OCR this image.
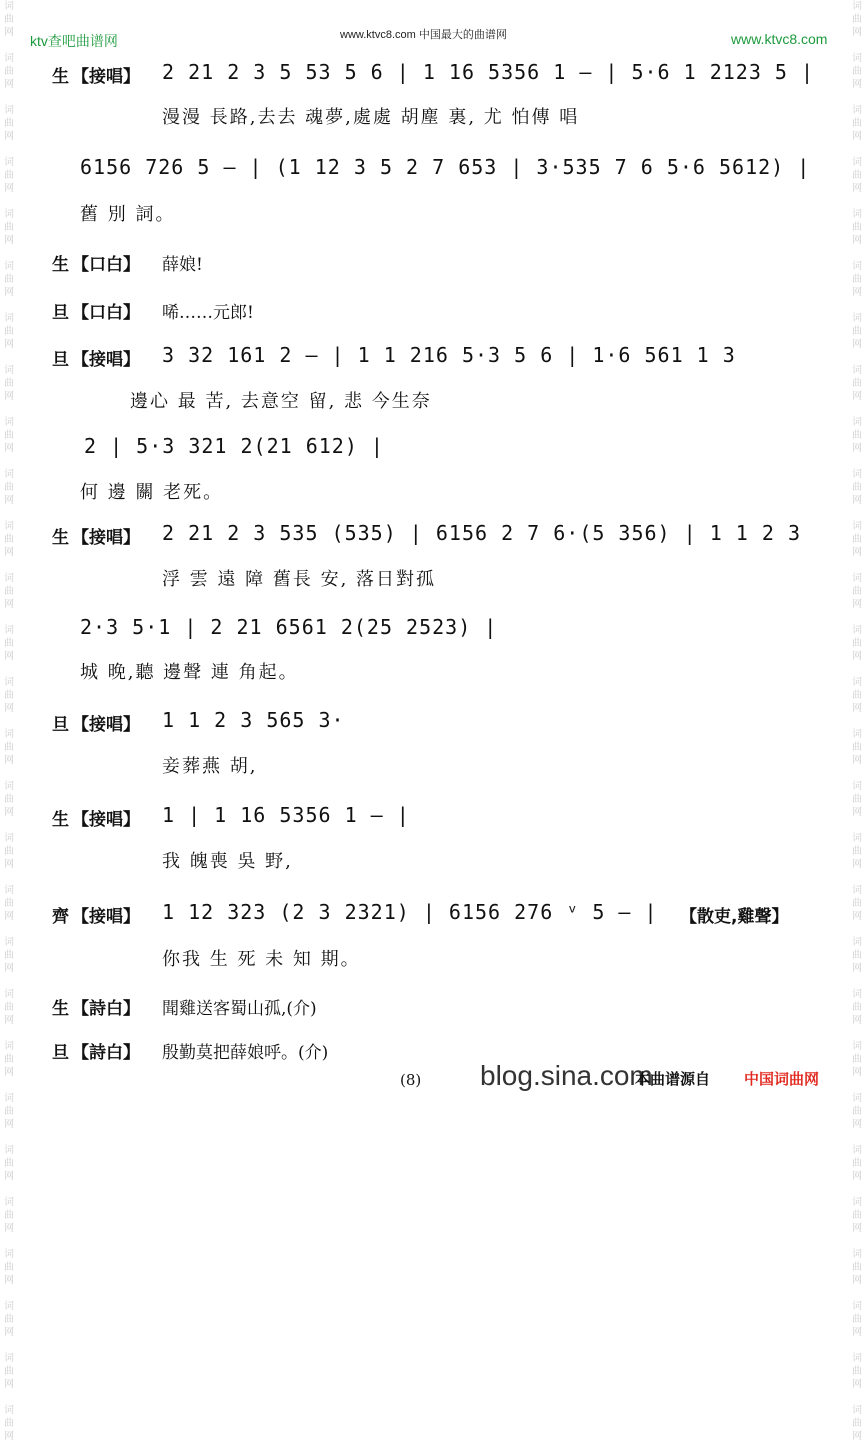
ktv查吧曲谱网	www.ktvc8.com 中国最大的曲谱网	www.ktvc8.com
词
曲
网

词
曲
网

词
曲
网

词
曲
网

词
曲
网

词
曲
网

词
曲
网

词
曲
网

词
曲
网

词
曲
网

词
曲
网

词
曲
网

词
曲
网

词
曲
网

词
曲
网

词
曲
网

词
曲
网

词
曲
网

词
曲
网

词
曲
网

词
曲
网

词
曲
网

词
曲
网

词
曲
网

词
曲
网

词
曲
网

词
曲
网

词
曲
网

词
曲
网

词
曲
网

词
曲
网

词
曲
网

词
曲
网

词
曲
网

词
曲
网

词
曲
网

词
曲
网

词
曲
网

词
曲
网

词
曲
网

词
曲
网

词
曲
网

词
曲
网

词
曲
网

词
曲
网

词
曲
网

词
曲
网

词
曲
网

词
曲
网

词
曲
网

词
曲
网

词
曲
网

词
曲
网

词
曲
网

词
曲
网

词
曲
网

生 【接唱】 2 21 2 3 5 53 5 6 | 1 16 5356 1 — | 5·6 1 2123 5 |
漫漫 長路,去去 魂夢,處處 胡塵 裏, 尤 怕傳 唱
6156 726 5 — | (1 12 3 5 2 7 653 | 3·535 7 6 5·6 5612) |
舊 別 詞。
生 【口白】 薛娘!
旦 【口白】 唏……元郎!
旦 【接唱】 3 32 161 2 — | 1 1 216 5·3 5 6 | 1·6 561 1 3
邊心 最 苦, 去意空 留, 悲 今生奈
2 | 5·3 321 2(21 612) |
何 邊 關 老死。
生 【接唱】 2 21 2 3 535 (535) | 6156 2 7 6·(5 356) | 1 1 2 3
浮 雲 遠 障 舊長 安, 落日對孤
2·3 5·1 | 2 21 6561 2(25 2523) |
城 晚,聽 邊聲 連 角起。
旦 【接唱】 1 1 2 3 565 3·
妾葬燕 胡,
生 【接唱】 1 | 1 16 5356 1 — |
我 魄喪 吳 野,
齊 【接唱】 1 12 323 (2 3 2321) | 6156 276 ᵛ 5 — | 【散吏,雞聲】
你我 生 死 未 知 期。
生 【詩白】 聞雞送客蜀山孤,(介)
旦 【詩白】 殷勤莫把薛娘呼。(介)
(8) blog.sina.com
本曲谱源自 中国词曲网
